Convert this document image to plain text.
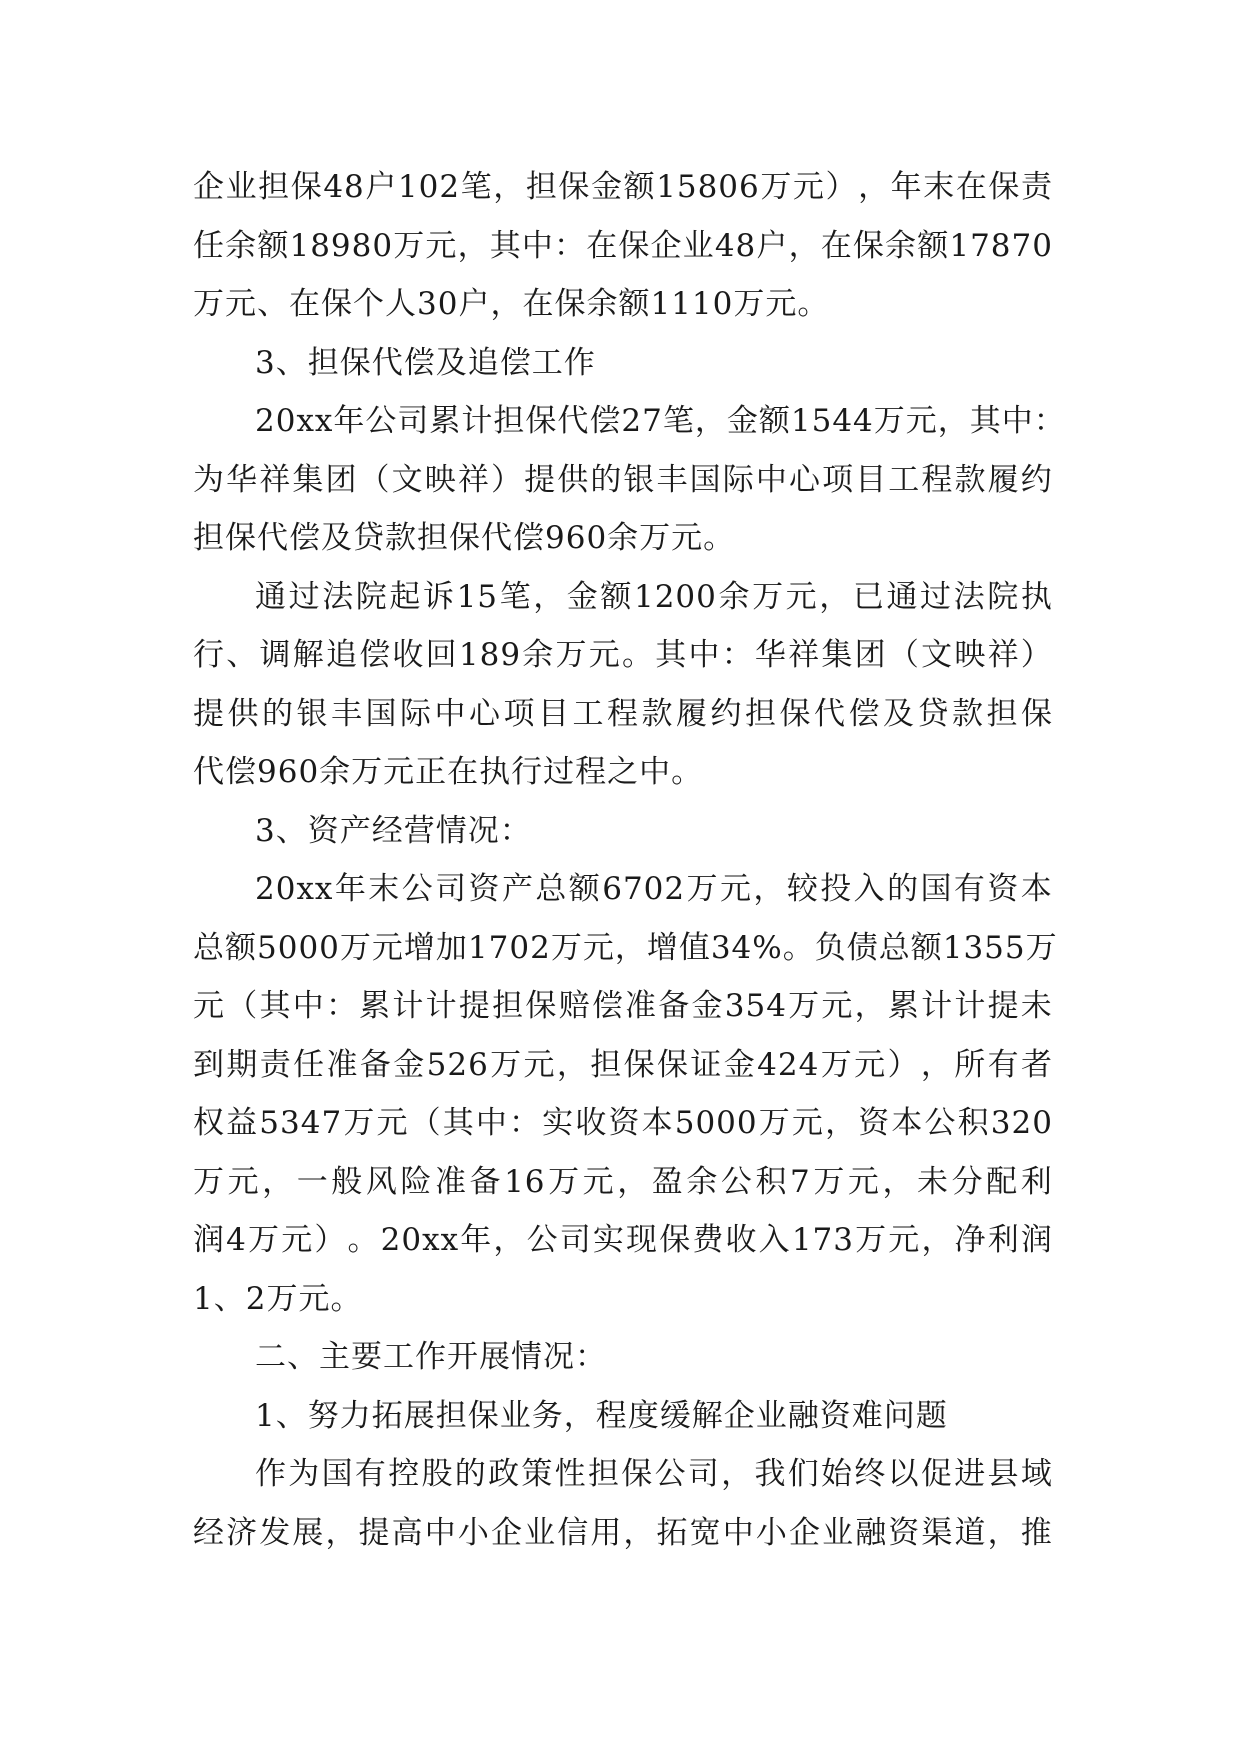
企 业 担 保 48 户 102 笔 ， 担 保 金 额 15806 万 元 ） ， 年 末 在 保 责
任 余 额 18980 万 元 ， 其 中 ： 在 保 企 业 48 户 ， 在 保 余 额 17870
万元、在保个人30户，在保余额1110万元。
3、担保代偿及追偿工作
20xx 年 公 司 累 计 担 保 代 偿 27 笔 ， 金 额 1544 万 元 ， 其 中 ：
为 华 祥 集 团 （ 文 映 祥 ） 提 供 的 银 丰 国 际 中 心 项 目 工 程 款 履 约
担保代偿及贷款担保代偿960余万元。
通 过 法 院 起 诉 15 笔 ， 金 额 1200 余 万 元 ， 已 通 过 法 院 执
行 、 调 解 追 偿 收 回 189 余 万 元 。 其 中 ： 华 祥 集 团 （ 文 映 祥 ）
提 供 的 银 丰 国 际 中 心 项 目 工 程 款 履 约 担 保 代 偿 及 贷 款 担 保
代偿960余万元正在执行过程之中。
3、资产经营情况：
20xx 年 末 公 司 资 产 总 额 6702 万 元 ， 较 投 入 的 国 有 资 本
总 额 5000 万 元 增 加 1702 万 元 ， 增 值 34% 。 负 债 总 额 1355 万
元 （ 其 中 ： 累 计 计 提 担 保 赔 偿 准 备 金 354 万 元 ， 累 计 计 提 未
到 期 责 任 准 备 金 526 万 元 ， 担 保 保 证 金 424 万 元 ） ， 所 有 者
权 益 5347 万 元 （ 其 中 ： 实 收 资 本 5000 万 元 ， 资 本 公 积 320
万 元 ， 一 般 风 险 准 备 16 万 元 ， 盈 余 公 积 7 万 元 ， 未 分 配 利
润 4 万 元 ） 。 20xx 年 ， 公 司 实 现 保 费 收 入 173 万 元 ， 净 利 润
1、2万元。
二、主要工作开展情况：
1、努力拓展担保业务，程度缓解企业融资难问题
作 为 国 有 控 股 的 政 策 性 担 保 公 司 ， 我 们 始 终 以 促 进 县 域
经 济 发 展 ， 提 高 中 小 企 业 信 用 ， 拓 宽 中 小 企 业 融 资 渠 道 ， 推
